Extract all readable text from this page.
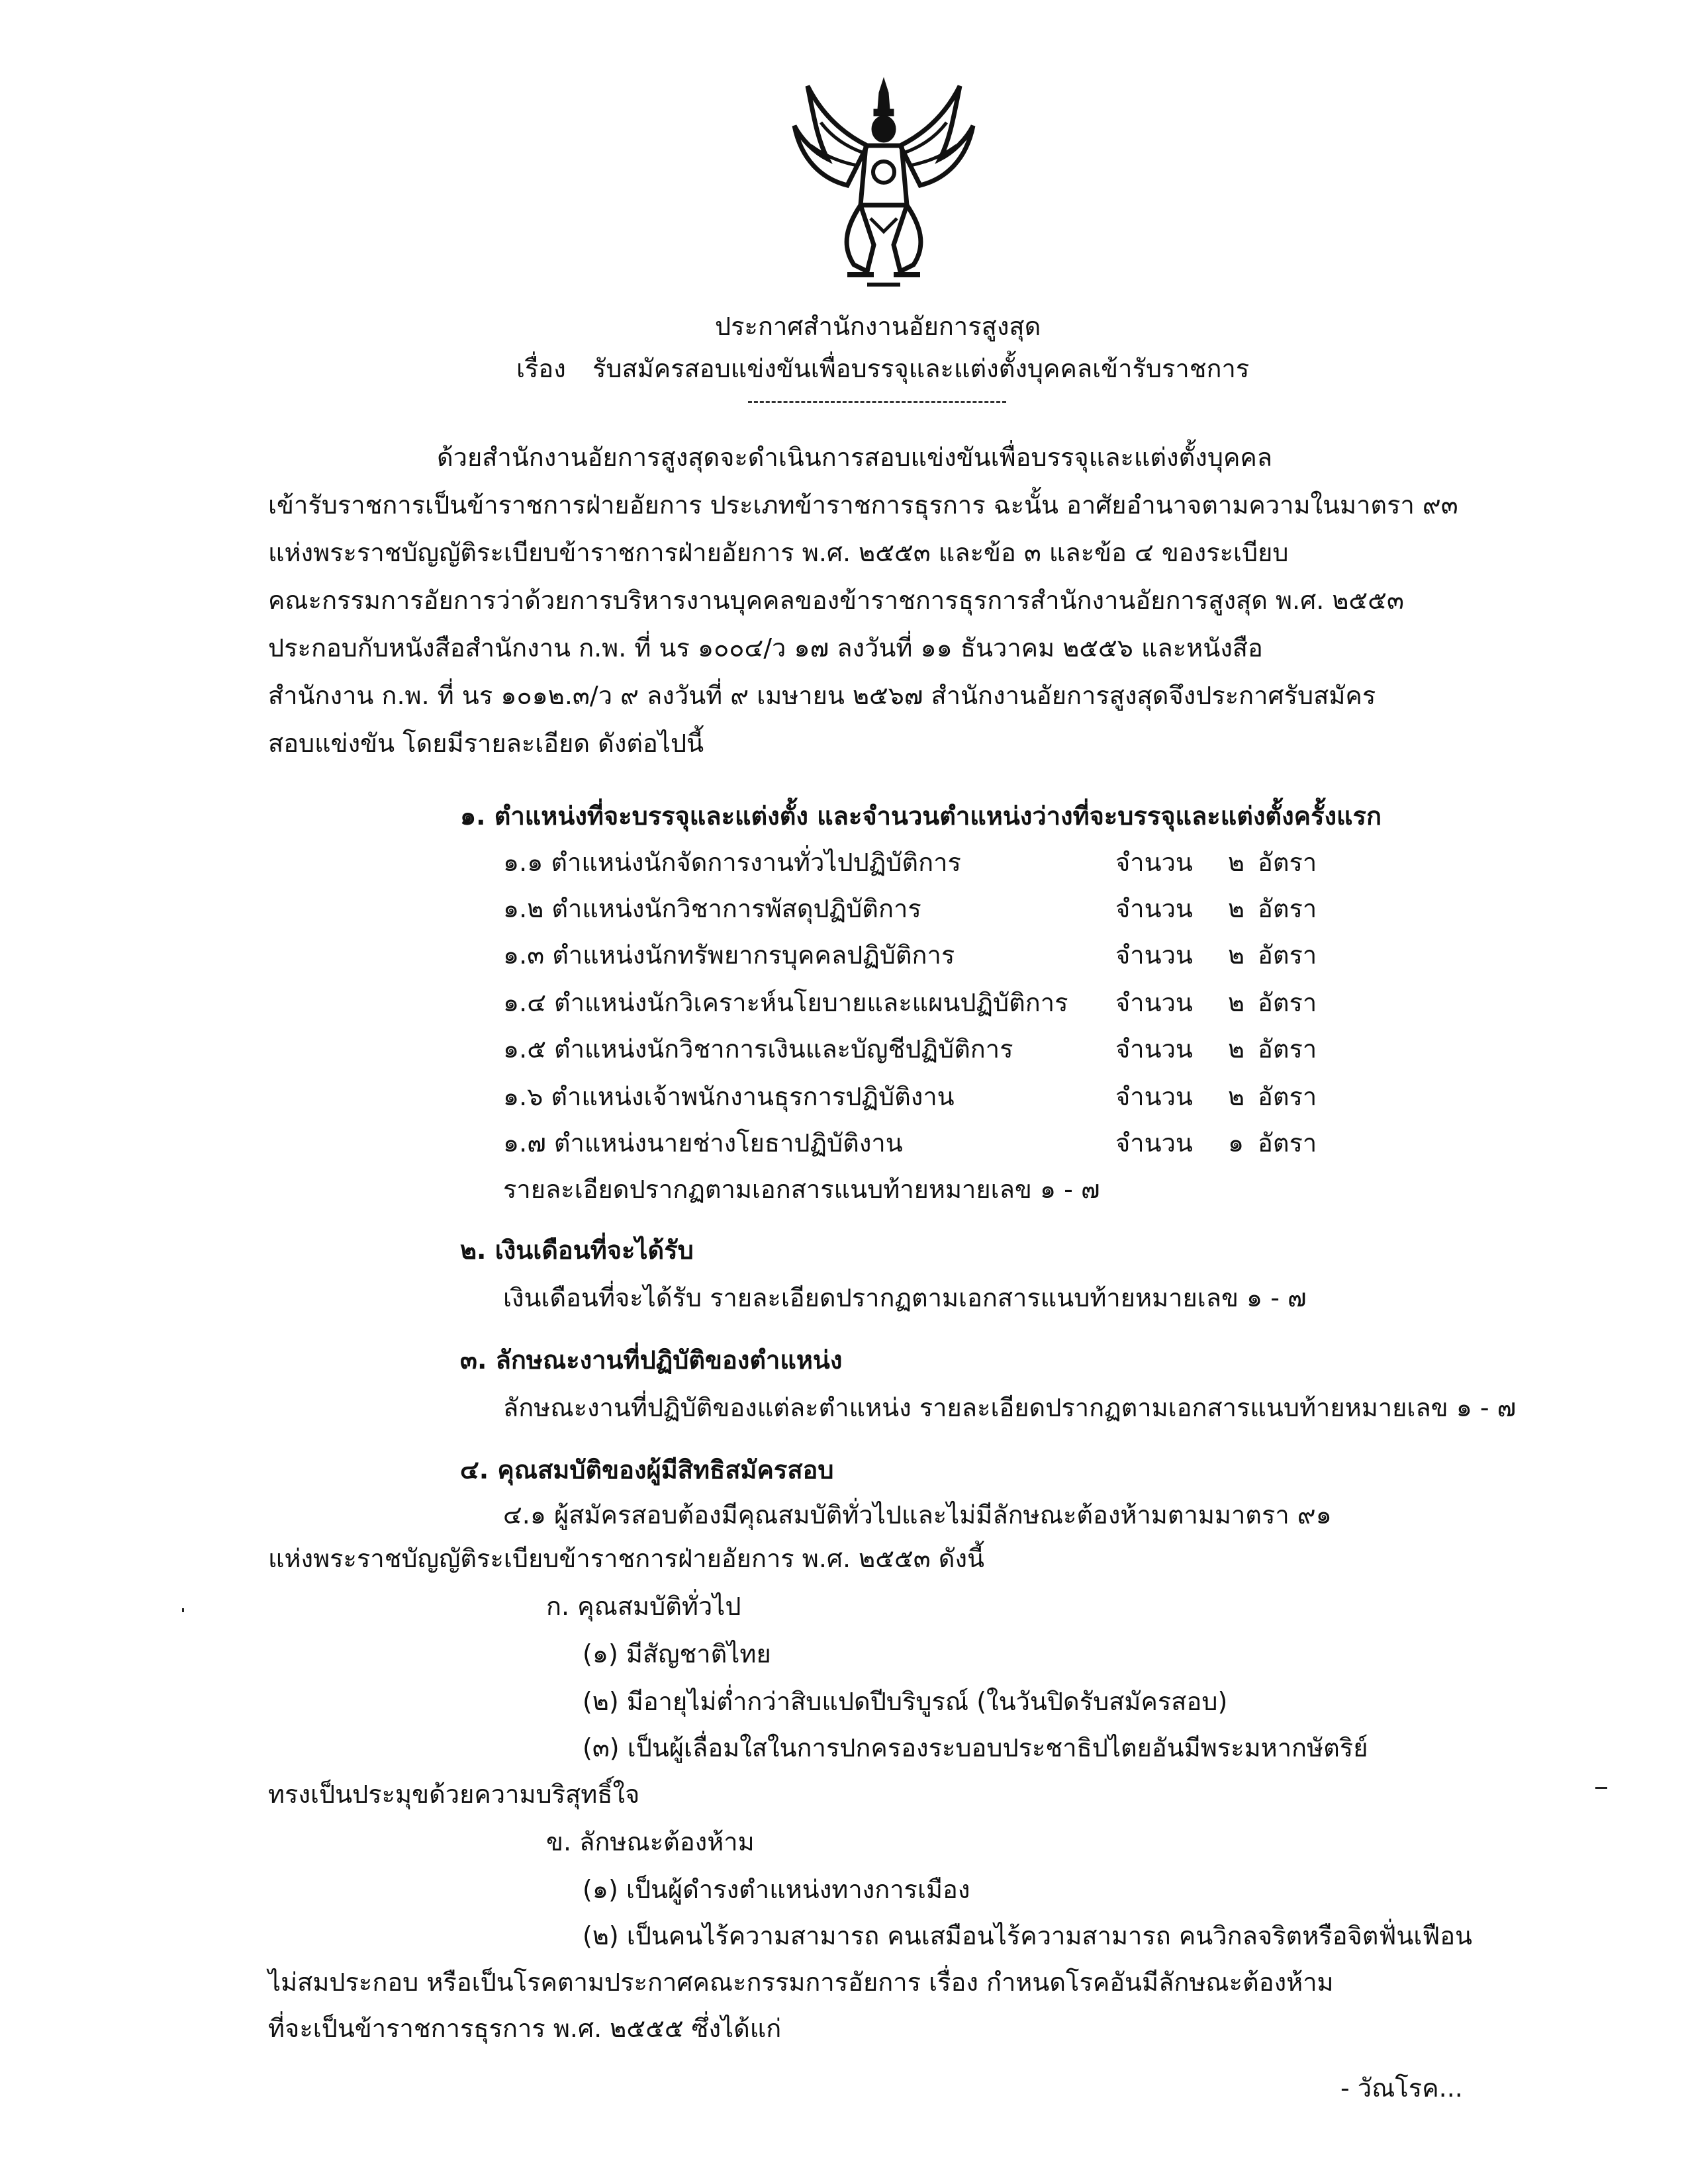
ประกาศสำนักงานอัยการสูงสุด
เรื่อง รับสมัครสอบแข่งขันเพื่อบรรจุและแต่งตั้งบุคคลเข้ารับราชการ
ด้วยสำนักงานอัยการสูงสุดจะดำเนินการสอบแข่งขันเพื่อบรรจุและแต่งตั้งบุคคล
เข้ารับราชการเป็นข้าราชการฝ่ายอัยการ ประเภทข้าราชการธุรการ ฉะนั้น อาศัยอำนาจตามความในมาตรา ๙๓
แห่งพระราชบัญญัติระเบียบข้าราชการฝ่ายอัยการ พ.ศ. ๒๕๕๓ และข้อ ๓ และข้อ ๔ ของระเบียบ
คณะกรรมการอัยการว่าด้วยการบริหารงานบุคคลของข้าราชการธุรการสำนักงานอัยการสูงสุด พ.ศ. ๒๕๕๓
ประกอบกับหนังสือสำนักงาน ก.พ. ที่ นร ๑๐๐๔/ว ๑๗ ลงวันที่ ๑๑ ธันวาคม ๒๕๕๖ และหนังสือ
สำนักงาน ก.พ. ที่ นร ๑๐๑๒.๓/ว ๙ ลงวันที่ ๙ เมษายน ๒๕๖๗ สำนักงานอัยการสูงสุดจึงประกาศรับสมัคร
สอบแข่งขัน โดยมีรายละเอียด ดังต่อไปนี้
๑. ตำแหน่งที่จะบรรจุและแต่งตั้ง และจำนวนตำแหน่งว่างที่จะบรรจุและแต่งตั้งครั้งแรก
๑.๑ ตำแหน่งนักจัดการงานทั่วไปปฏิบัติการ	จำนวน ๒ อัตรา
๑.๒ ตำแหน่งนักวิชาการพัสดุปฏิบัติการ	จำนวน ๒ อัตรา
๑.๓ ตำแหน่งนักทรัพยากรบุคคลปฏิบัติการ	จำนวน ๒ อัตรา
๑.๔ ตำแหน่งนักวิเคราะห์นโยบายและแผนปฏิบัติการ จำนวน ๒ อัตรา
๑.๕ ตำแหน่งนักวิชาการเงินและบัญชีปฏิบัติการ	จำนวน ๒ อัตรา
๑.๖ ตำแหน่งเจ้าพนักงานธุรการปฏิบัติงาน	จำนวน ๒ อัตรา
๑.๗ ตำแหน่งนายช่างโยธาปฏิบัติงาน	จำนวน ๑ อัตรา
รายละเอียดปรากฏตามเอกสารแนบท้ายหมายเลข ๑ - ๗
๒. เงินเดือนที่จะได้รับ
เงินเดือนที่จะได้รับ รายละเอียดปรากฏตามเอกสารแนบท้ายหมายเลข ๑ - ๗
๓. ลักษณะงานที่ปฏิบัติของตำแหน่ง
ลักษณะงานที่ปฏิบัติของแต่ละตำแหน่ง รายละเอียดปรากฏตามเอกสารแนบท้ายหมายเลข ๑ - ๗
๔. คุณสมบัติของผู้มีสิทธิสมัครสอบ
๔.๑ ผู้สมัครสอบต้องมีคุณสมบัติทั่วไปและไม่มีลักษณะต้องห้ามตามมาตรา ๙๑
แห่งพระราชบัญญัติระเบียบข้าราชการฝ่ายอัยการ พ.ศ. ๒๕๕๓ ดังนี้
ก. คุณสมบัติทั่วไป
(๑) มีสัญชาติไทย
(๒) มีอายุไม่ต่ำกว่าสิบแปดปีบริบูรณ์ (ในวันปิดรับสมัครสอบ)
(๓) เป็นผู้เลื่อมใสในการปกครองระบอบประชาธิปไตยอันมีพระมหากษัตริย์
ทรงเป็นประมุขด้วยความบริสุทธิ์ใจ
ข. ลักษณะต้องห้าม
(๑) เป็นผู้ดำรงตำแหน่งทางการเมือง
(๒) เป็นคนไร้ความสามารถ คนเสมือนไร้ความสามารถ คนวิกลจริตหรือจิตฟั่นเฟือน
ไม่สมประกอบ หรือเป็นโรคตามประกาศคณะกรรมการอัยการ เรื่อง กำหนดโรคอันมีลักษณะต้องห้าม
ที่จะเป็นข้าราชการธุรการ พ.ศ. ๒๕๕๕ ซึ่งได้แก่
- วัณโรค...
